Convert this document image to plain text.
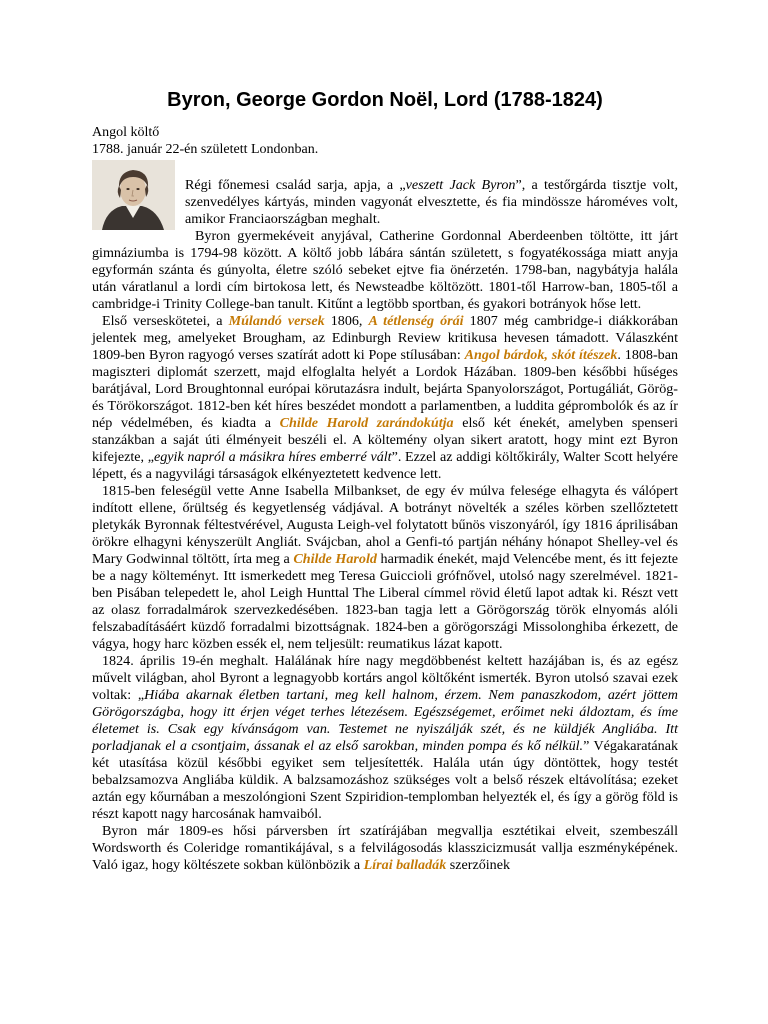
Byron, George Gordon Noël, Lord (1788-1824)
Angol költő
1788. január 22-én született Londonban.

Régi főnemesi család sarja, apja, a „veszett Jack Byron”, a testőrgárda tisztje volt, szenvedélyes kártyás, minden vagyonát elvesztette, és fia mindössze hároméves volt, amikor Franciaországban meghalt.

Byron gyermekéveit anyjával, Catherine Gordonnal Aberdeenben töltötte, itt járt gimnáziumba is 1794-98 között. A költő jobb lábára sántán született, s fogyatékossága miatt anyja egyformán szánta és gúnyolta, életre szóló sebeket ejtve fia önérzetén. 1798-ban, nagybátyja halála után váratlanul a lordi cím birtokosa lett, és Newsteadbe költözött. 1801-től Harrow-ban, 1805-től a cambridge-i Trinity College-ban tanult. Kitűnt a legtöbb sportban, és gyakori botrányok hőse lett.

Első verseskötetei, a Múlandó versek 1806, A tétlenség órái 1807 még cambridge-i diákkorában jelentek meg, amelyeket Brougham, az Edinburgh Review kritikusa hevesen támadott. Válaszként 1809-ben Byron ragyogó verses szatírát adott ki Pope stílusában: Angol bárdok, skót ítészek. 1808-ban magiszteri diplomát szerzett, majd elfoglalta helyét a Lordok Házában. 1809-ben későbbi hűséges barátjával, Lord Broughtonnal európai körutazásra indult, bejárta Spanyolországot, Portugáliát, Görög- és Törökországot. 1812-ben két híres beszédet mondott a parlamentben, a luddita géprombolók és az ír nép védelmében, és kiadta a Childe Harold zarándokútja első két énekét, amelyben spenseri stanzákban a saját úti élményeit beszéli el. A költemény olyan sikert aratott, hogy mint ezt Byron kifejezte, „egyik napról a másikra híres emberré vált”. Ezzel az addigi költőkirály, Walter Scott helyére lépett, és a nagyvilági társaságok elkényeztetett kedvence lett.

1815-ben feleségül vette Anne Isabella Milbankset, de egy év múlva felesége elhagyta és válópert indított ellene, őrültség és kegyetlenség vádjával. A botrányt növelték a széles körben szellőztetett pletykák Byronnak féltestvérével, Augusta Leigh-vel folytatott bűnös viszonyáról, így 1816 áprilisában örökre elhagyni kényszerült Angliát. Svájcban, ahol a Genfi-tó partján néhány hónapot Shelley-vel és Mary Godwinnal töltött, írta meg a Childe Harold harmadik énekét, majd Velencébe ment, és itt fejezte be a nagy költeményt. Itt ismerkedett meg Teresa Guiccioli grófnővel, utolsó nagy szerelmével. 1821-ben Pisában telepedett le, ahol Leigh Hunttal The Liberal címmel rövid életű lapot adtak ki. Részt vett az olasz forradalmárok szervezkedésében. 1823-ban tagja lett a Görögország török elnyomás alóli felszabadításáért küzdő forradalmi bizottságnak. 1824-ben a görögországi Missolonghiba érkezett, de vágya, hogy harc közben essék el, nem teljesült: reumatikus lázat kapott.

1824. április 19-én meghalt. Halálának híre nagy megdöbbenést keltett hazájában is, és az egész művelt világban, ahol Byront a legnagyobb kortárs angol költőként ismerték. Byron utolsó szavai ezek voltak: „Hiába akarnak életben tartani, meg kell halnom, érzem. Nem panaszkodom, azért jöttem Görögországba, hogy itt érjen véget terhes létezésem. Egészségemet, erőimet neki áldoztam, és íme életemet is. Csak egy kívánságom van. Testemet ne nyiszálják szét, és ne küldjék Angliába. Itt porladjanak el a csontjaim, ássanak el az első sarokban, minden pompa és kő nélkül.” Végakaratának két utasítása közül későbbi egyiket sem teljesítették. Halála után úgy döntöttek, hogy testét bebalzsamozva Angliába küldik. A balzsamozáshoz szükséges volt a belső részek eltávolítása; ezeket aztán egy kőurnában a meszolóngioni Szent Szpiridion-templomban helyezték el, és így a görög föld is részt kapott nagy harcosának hamvaiból.

Byron már 1809-es hősi párversben írt szatírájában megvallja esztétikai elveit, szembeszáll Wordsworth és Coleridge romantikájával, s a felvilágosodás klasszicizmusát vallja eszményképének. Való igaz, hogy költészete sokban különbözik a Lírai balladák szerzőinek
